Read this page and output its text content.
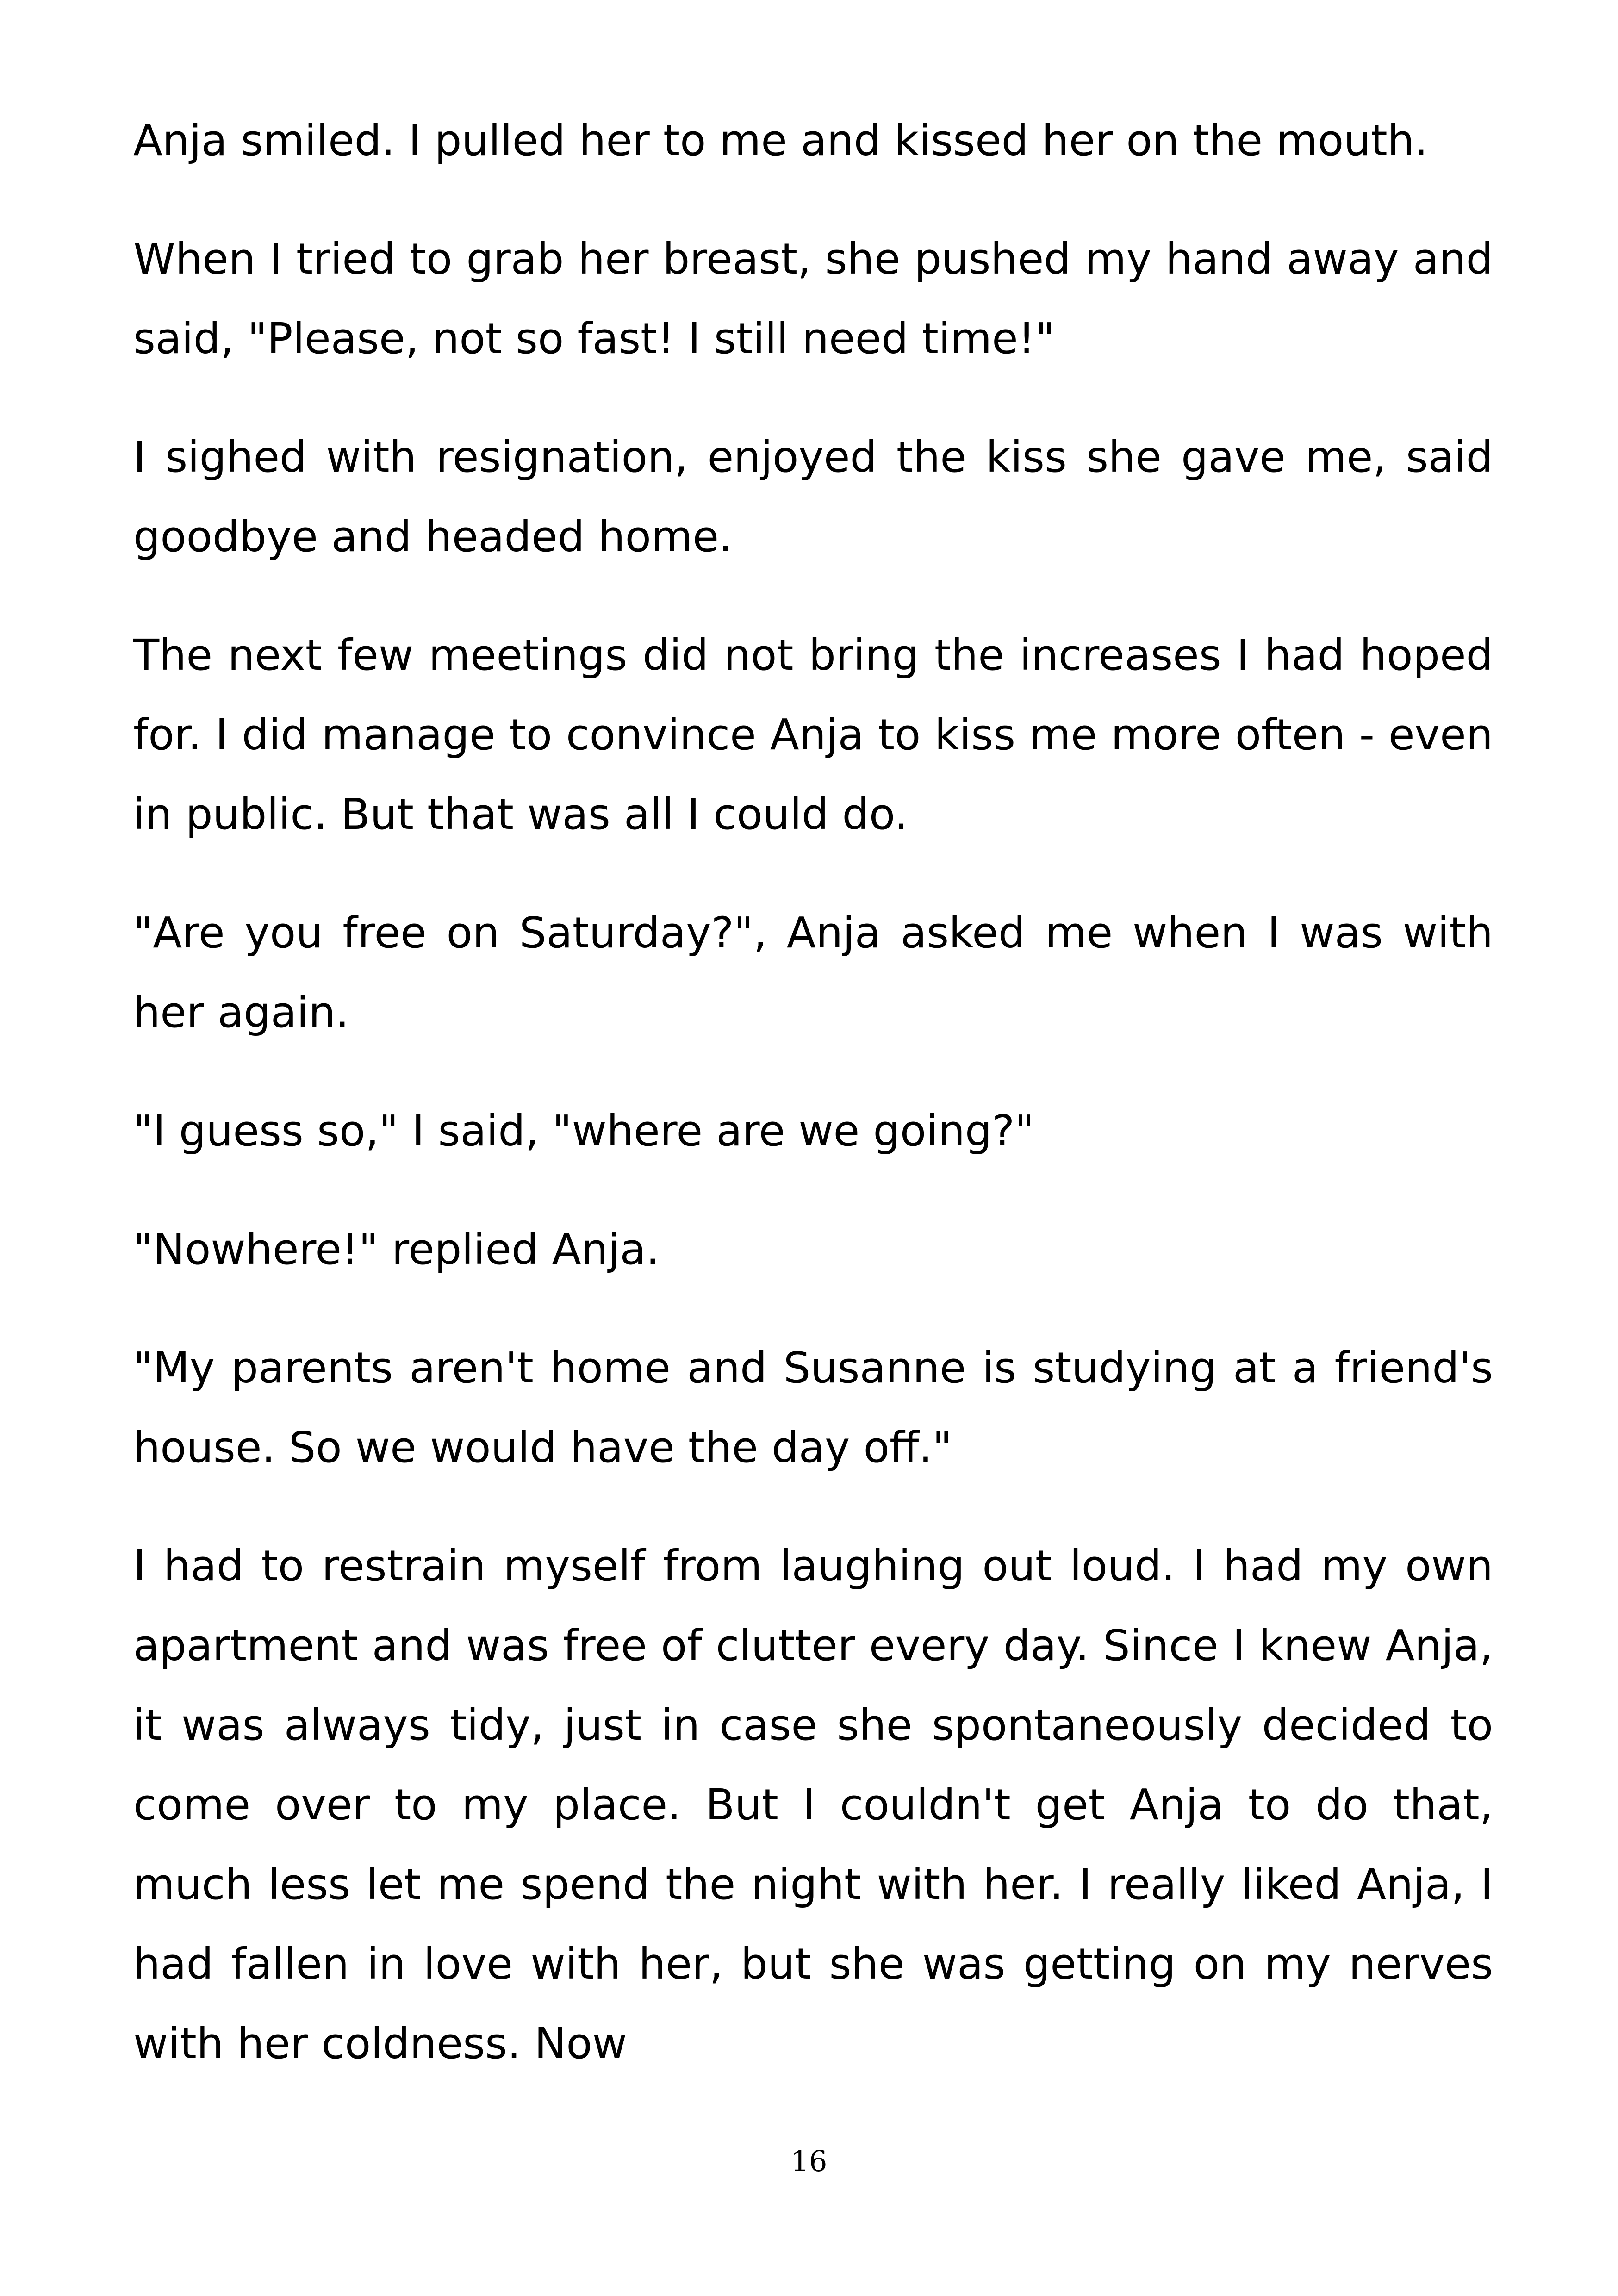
Anja smiled. I pulled her to me and kissed her on the mouth.

When I tried to grab her breast, she pushed my hand away and said, "Please, not so fast! I still need time!"

I sighed with resignation, enjoyed the kiss she gave me, said goodbye and headed home.

The next few meetings did not bring the increases I had hoped for. I did manage to convince Anja to kiss me more often - even in public. But that was all I could do.

"Are you free on Saturday?", Anja asked me when I was with her again.

"I guess so," I said, "where are we going?"

"Nowhere!" replied Anja.

"My parents aren't home and Susanne is studying at a friend's house. So we would have the day off."

I had to restrain myself from laughing out loud. I had my own apartment and was free of clutter every day. Since I knew Anja, it was always tidy, just in case she spontaneously decided to come over to my place. But I couldn't get Anja to do that, much less let me spend the night with her. I really liked Anja, I had fallen in love with her, but she was getting on my nerves with her coldness. Now

16
